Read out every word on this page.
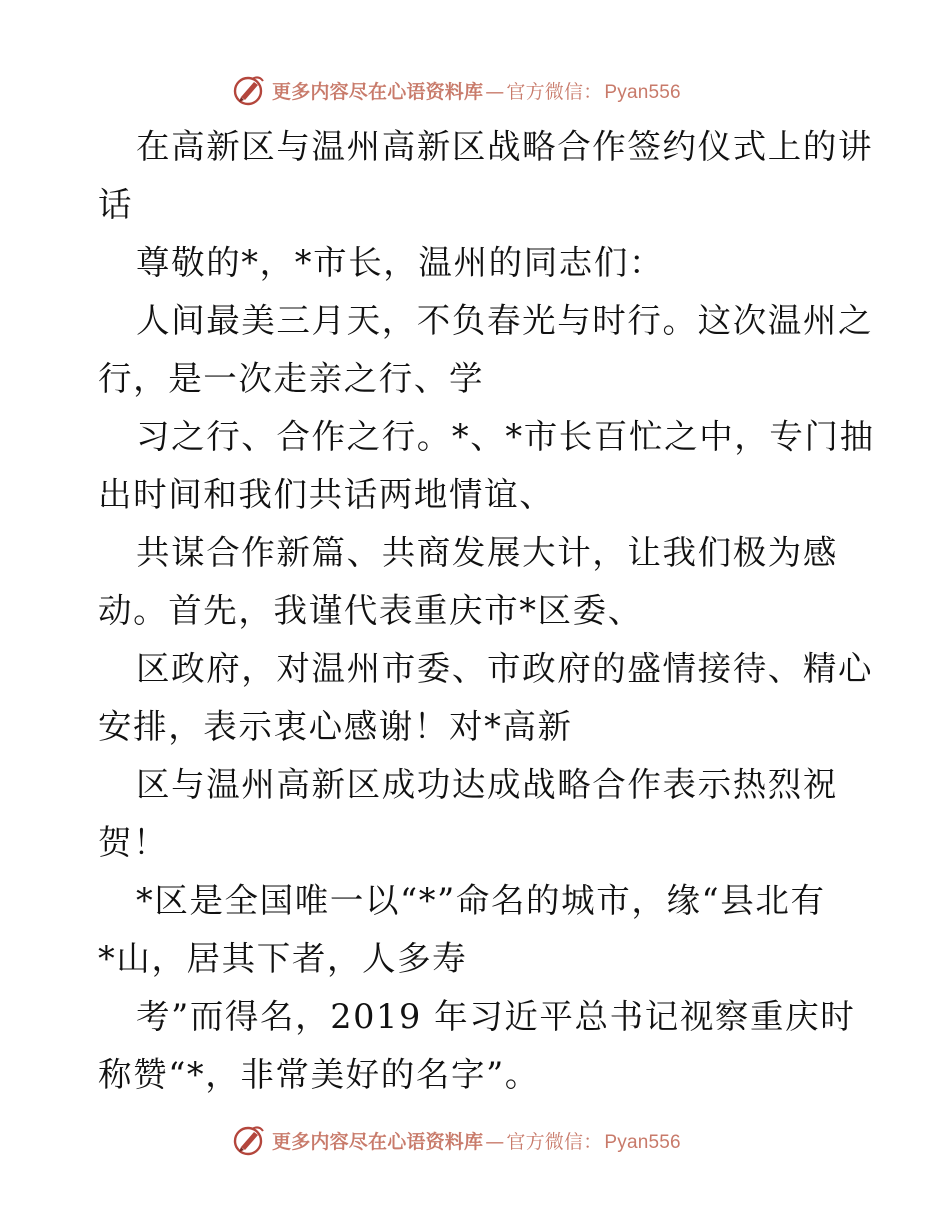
更多内容尽在心语资料库 — 官方微信： Pyan556
在高新区与温州高新区战略合作签约仪式上的讲
话
尊敬的*，*市长，温州的同志们：
人间最美三月天，不负春光与时行。这次温州之
行，是一次走亲之行、学
习之行、合作之行。*、*市长百忙之中，专门抽
出时间和我们共话两地情谊、
共谋合作新篇、共商发展大计，让我们极为感
动。首先，我谨代表重庆市*区委、
区政府，对温州市委、市政府的盛情接待、精心
安排，表示衷心感谢！对*高新
区与温州高新区成功达成战略合作表示热烈祝
贺！
*区是全国唯一以“*”命名的城市，缘“县北有
*山，居其下者，人多寿
考”而得名，2019 年习近平总书记视察重庆时
称赞“*，非常美好的名字”。
更多内容尽在心语资料库 — 官方微信： Pyan556
